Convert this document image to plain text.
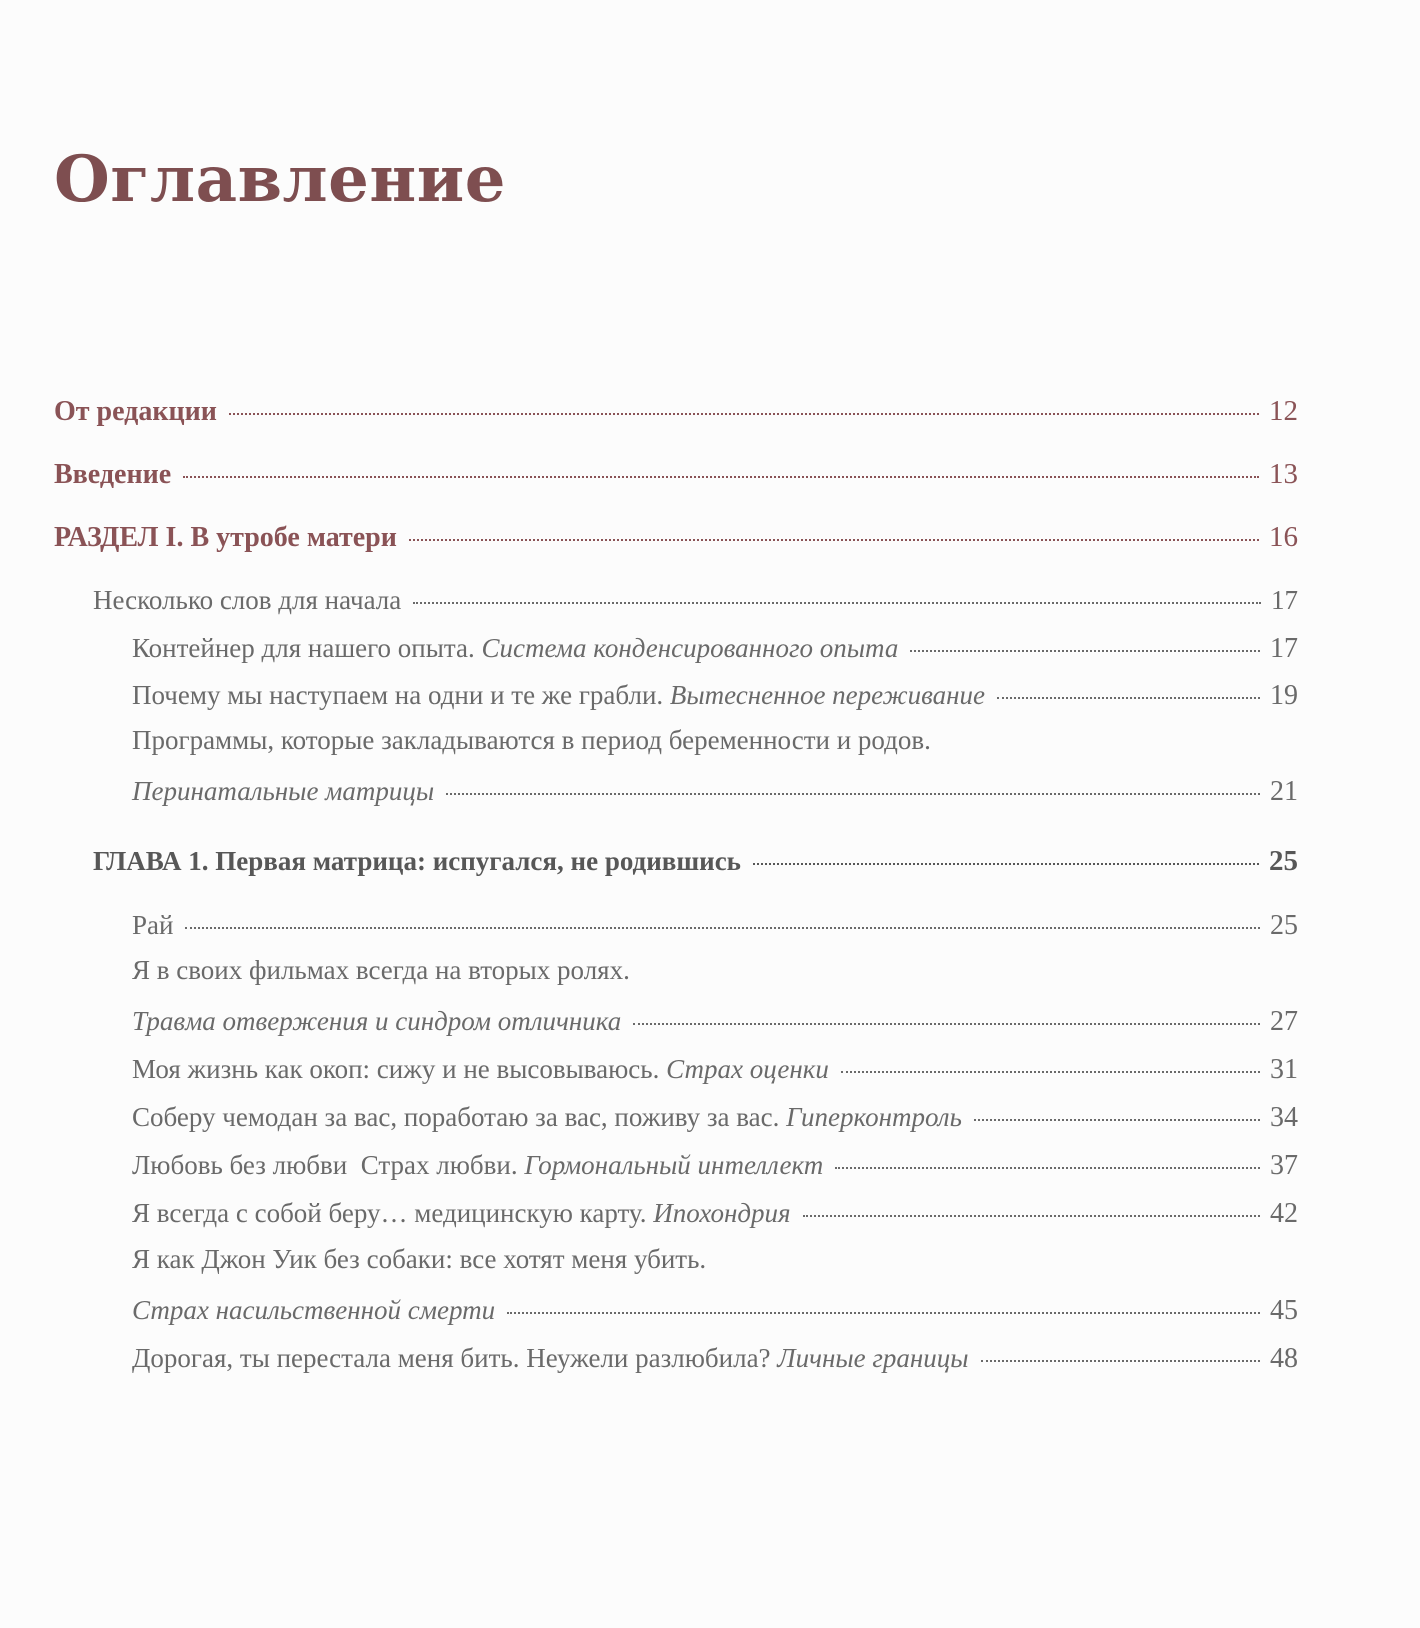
Оглавление
От редакции	12
Введение	13
РАЗДЕЛ I. В утробе матери	16
Несколько слов для начала	17
Контейнер для нашего опыта. Система конденсированного опыта	17
Почему мы наступаем на одни и те же грабли. Вытесненное переживание	19
Программы, которые закладываются в период беременности и родов.
Перинатальные матрицы	21
ГЛАВА 1. Первая матрица: испугался, не родившись	25
Рай	25
Я в своих фильмах всегда на вторых ролях.
Травма отвержения и синдром отличника	27
Моя жизнь как окоп: сижу и не высовываюсь. Страх оценки	31
Соберу чемодан за вас, поработаю за вас, поживу за вас. Гиперконтроль	34
Любовь без любви  Страх любви. Гормональный интеллект	37
Я всегда с собой беру… медицинскую карту. Ипохондрия	42
Я как Джон Уик без собаки: все хотят меня убить.
Страх насильственной смерти	45
Дорогая, ты перестала меня бить. Неужели разлюбила? Личные границы	48
